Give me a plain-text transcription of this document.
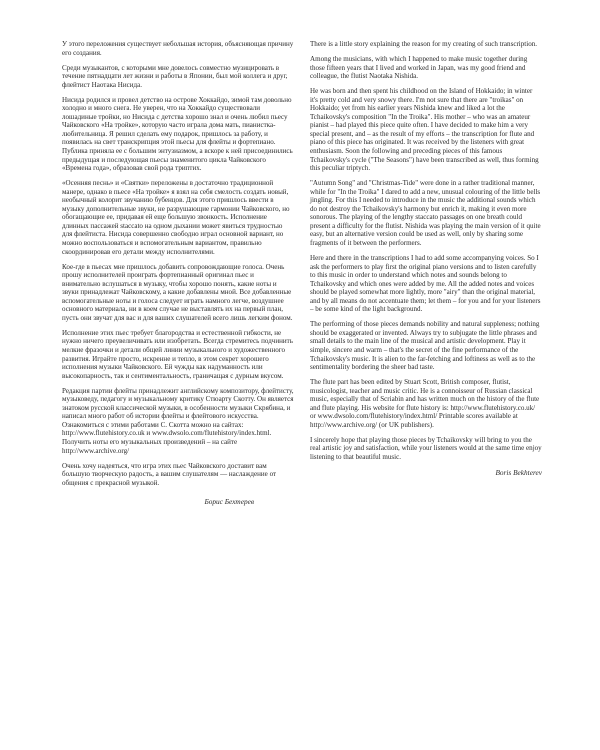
У этого переложения существует небольшая история, объясняющая причину его создания.

Среди музыкантов, с которыми мне довелось совместно музицировать в течение пятнадцати лет жизни и работы в Японии, был мой коллега и друг, флейтист Наотака Нисида.

Нисида родился и провел детство на острове Хоккайдо, зимой там довольно холодно и много снега. Не уверен, что на Хоккайдо существовали лошадиные тройки, но Нисида с детства хорошо знал и очень любил пьесу Чайковского «На тройке», которую часто играла дома мать, пианистка-любительница. Я решил сделать ему подарок, пришлось за работу, и появилась на свет транскрипция этой пьесы для флейты и фортепиано. Публика приняла ее с большим энтузиазмом, а вскоре к ней присоединились предыдущая и последующая пьесы знаменитого цикла Чайковского «Времена года», образовав свой родa триптих.

«Осенняя песнь» и «Святки» переложены в достаточно традиционной манере, однако в пьесе «На тройке» я взял на себя смелость создать новый, необычный колорит звучанию бубенцов. Для этого пришлось ввести в музыку дополнительные звуки, не разрушающие гармонии Чайковского, но обогащающие ее, придавая ей еще большую звонкость. Исполнение длинных пассажей staccato на одном дыхании может явиться трудностью для флейтиста. Нисида совершенно свободно играл основной вариант, но можно воспользоваться и вспомогательным вариантом, правильно скоординировав его детали между исполнителями.

Кое-где в пьесах мне пришлось добавить сопровождающие голоса. Очень прошу исполнителей проиграть фортепианный оригинал пьес и внимательно вслушаться в музыку, чтобы хорошо понять, какие ноты и звуки принадлежат Чайковскому, а какие добавлены мной. Все добавленные вспомогательные ноты и голоса следует играть намного легче, воздушнее основного материала, ни в коем случае не выставлять их на первый план, пусть они звучат для вас и для ваших слушателей всего лишь легким фоном.

Исполнение этих пьес требует благородства и естественной гибкости, не нужно ничего преувеличивать или изобретать. Всегда стремитесь подчинить мелкие фразочки и детали общей линии музыкального и художественного развития. Играйте просто, искренне и тепло, в этом секрет хорошего исполнения музыки Чайковского. Ей чужды как надуманность или высокопарность, так и сентиментальность, граничащая с дурным вкусом.

Редакция партии флейты принадлежит английскому композитору, флейтисту, музыковеду, педагогу и музыкальному критику Стюарту Скотту. Он является знатоком русской классической музыки, в особенности музыки Скрябина, и написал много работ об истории флейты и флейтового искусства. Ознакомиться с этими работами С. Скотта можно на сайтах: http://www.flutehistory.co.uk и www.dwsolo.com/flutehistory/index.html. Получить ноты его музыкальных произведений – на сайте http://www.archive.org/

Очень хочу надеяться, что игра этих пьес Чайковского доставит вам большую творческую радость, а вашим слушателям — наслаждение от общения с прекрасной музыкой.

Борис Бехтерев

There is a little story explaining the reason for my creating of such transcription.

Among the musicians, with which I happened to make music together during those fifteen years that I lived and worked in Japan, was my good friend and colleague, the flutist Naotaka Nishida.

He was born and then spent his childhood on the Island of Hokkaido; in winter it's pretty cold and very snowy there. I'm not sure that there are "troikas" on Hokkaido; yet from his earlier years Nishida knew and liked a lot the Tchaikovsky's composition "In the Troika". His mother – who was an amateur pianist – had played this piece quite often. I have decided to make him a very special present, and – as the result of my efforts – the transcription for flute and piano of this piece has originated. It was received by the listeners with great enthusiasm. Soon the following and preceding pieces of this famous Tchaikovsky's cycle ("The Seasons") have been transcribed as well, thus forming this peculiar triptych.

"Autumn Song" and "Christmas-Tide" were done in a rather traditional manner, while for "In the Troika" I dared to add a new, unusual colouring of the little bells jingling. For this I needed to introduce in the music the additional sounds which do not destroy the Tchaikovsky's harmony but enrich it, making it even more sonorous. The playing of the lengthy staccato passages on one breath could present a difficulty for the flutist. Nishida was playing the main version of it quite easy, but an alternative version could be used as well, only by sharing some fragments of it between the performers.

Here and there in the transcriptions I had to add some accompanying voices. So I ask the performers to play first the original piano versions and to listen carefully to this music in order to understand which notes and sounds belong to Tchaikovsky and which ones were added by me. All the added notes and voices should be played somewhat more lightly, more "airy" than the original material, and by all means do not accentuate them; let them – for you and for your listeners – be some kind of the light background.

The performing of those pieces demands nobility and natural suppleness; nothing should be exaggerated or invented. Always try to subjugate the little phrases and small details to the main line of the musical and artistic development. Play it simple, sincere and warm – that's the secret of the fine performance of the Tchaikovsky's music. It is alien to the far-fetching and loftiness as well as to the sentimentality bordering the sheer bad taste.

The flute part has been edited by Stuart Scott, British composer, flutist, musicologist, teacher and music critic. He is a connoisseur of Russian classical music, especially that of Scriabin and has written much on the history of the flute and flute playing. His website for flute history is: http://www.flutehistory.co.uk/ or www.dwsolo.com/flutehistory/index.html/ Printable scores available at http://www.archive.org/ (or UK publishers).

I sincerely hope that playing those pieces by Tchaikovsky will bring to you the real artistic joy and satisfaction, while your listeners would at the same time enjoy listening to that beautiful music.

Boris Bekhterev
